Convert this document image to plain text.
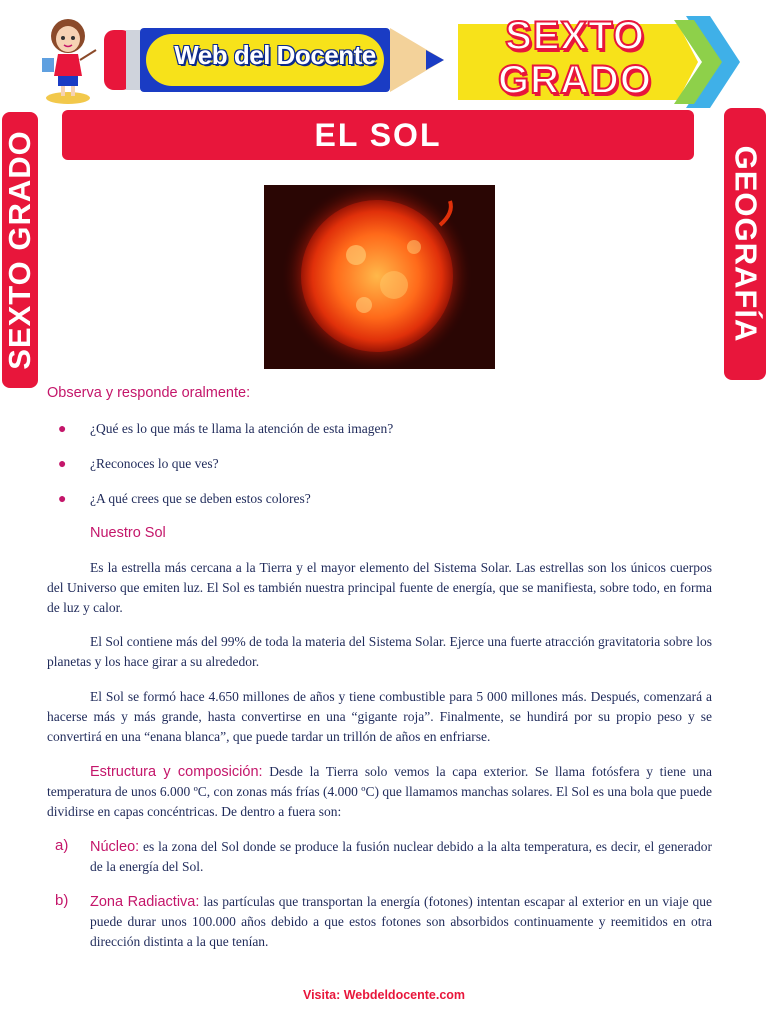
Web del Docente	SEXTO
GRADO
EL SOL
SEXTO GRADO	GEOGRAFÍA
Observa y responde oralmente:
● ¿Qué es lo que más te llama la atención de esta imagen?
● ¿Reconoces lo que ves?
● ¿A qué crees que se deben estos colores?
Nuestro Sol
Es la estrella más cercana a la Tierra y el mayor elemento del Sistema Solar. Las estrellas son los únicos cuerpos del Universo que emiten luz. El Sol es también nuestra principal fuente de energía, que se manifiesta, sobre todo, en forma de luz y calor.
El Sol contiene más del 99% de toda la materia del Sistema Solar. Ejerce una fuerte atracción gravitatoria sobre los planetas y los hace girar a su alrededor.
El Sol se formó hace 4.650 millones de años y tiene combustible para 5 000 millones más. Después, comenzará a hacerse más y más grande, hasta convertirse en una “gigante roja”. Finalmente, se hundirá por su propio peso y se convertirá en una “enana blanca”, que puede tardar un trillón de años en enfriarse.
Estructura y composición: Desde la Tierra solo vemos la capa exterior. Se llama fotósfera y tiene una temperatura de unos 6.000 ºC, con zonas más frías (4.000 ºC) que llamamos manchas solares. El Sol es una bola que puede dividirse en capas concéntricas. De dentro a fuera son:
a) Núcleo: es la zona del Sol donde se produce la fusión nuclear debido a la alta temperatura, es decir, el generador de la energía del Sol.
b) Zona Radiactiva: las partículas que transportan la energía (fotones) intentan escapar al exterior en un viaje que puede durar unos 100.000 años debido a que estos fotones son absorbidos continuamente y reemitidos en otra dirección distinta a la que tenían.
Visita: Webdeldocente.com
